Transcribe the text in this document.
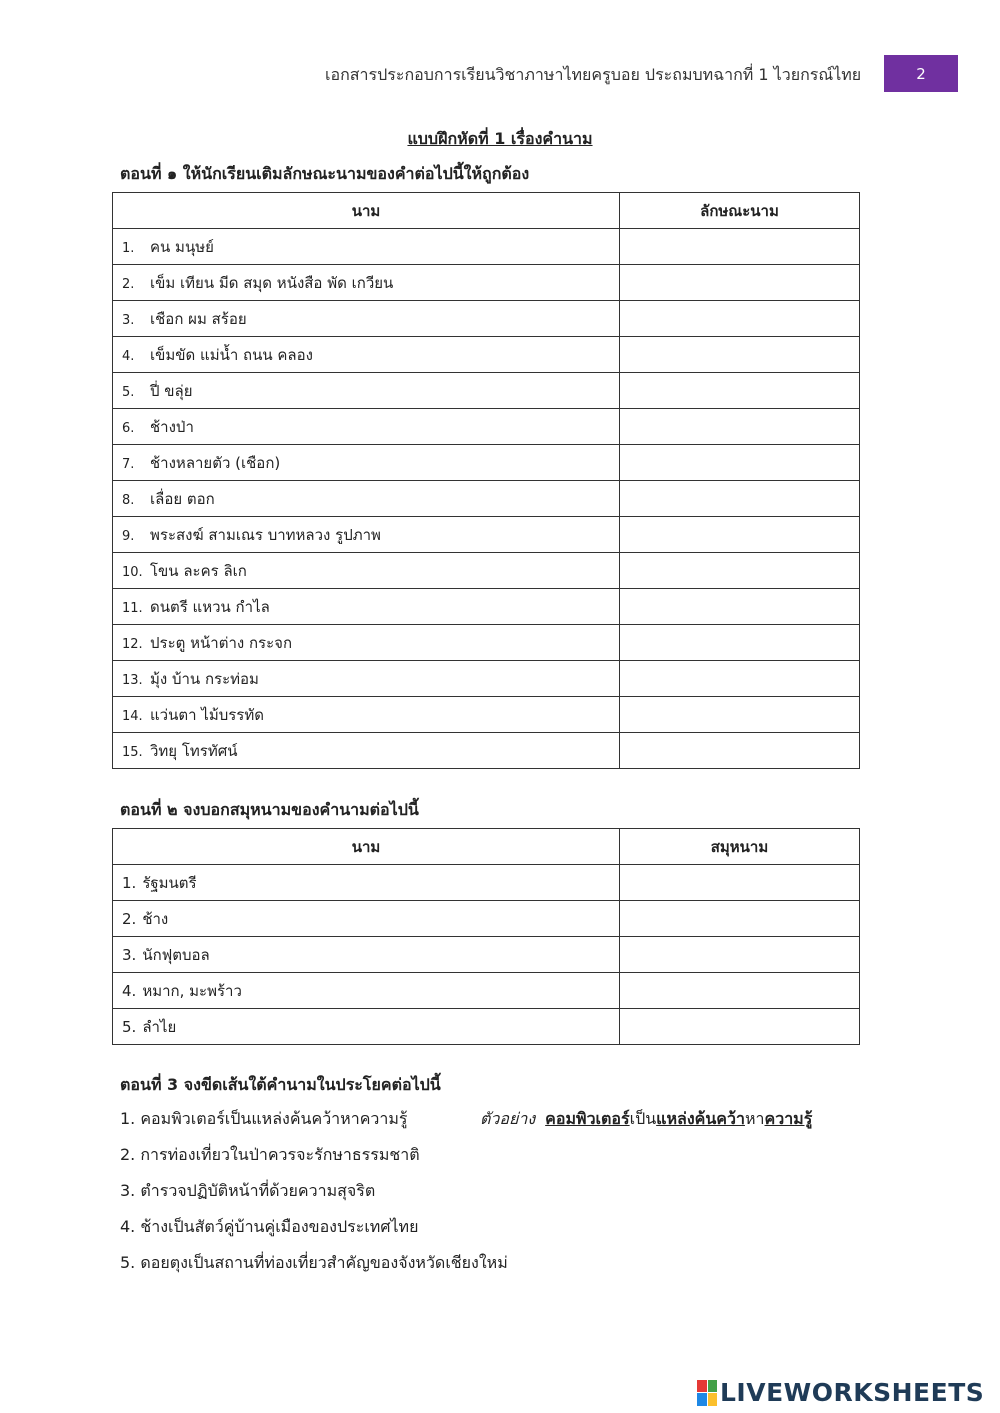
เอกสารประกอบการเรียนวิชาภาษาไทยครูบอย ประถมบทฉากที่ 1 ไวยกรณ์ไทย	2
แบบฝึกหัดที่ 1 เรื่องคำนาม
ตอนที่ ๑ ให้นักเรียนเติมลักษณะนามของคำต่อไปนี้ให้ถูกต้อง
นาม	ลักษณะนาม
1. คน มนุษย์	
2. เข็ม เทียน มีด สมุด หนังสือ พัด เกวียน	
3. เชือก ผม สร้อย	
4. เข็มขัด แม่น้ำ ถนน คลอง	
5. ปี่ ขลุ่ย	
6. ช้างป่า	
7. ช้างหลายตัว (เชือก)	
8. เลื่อย ตอก	
9. พระสงฆ์ สามเณร บาทหลวง รูปภาพ	
10. โขน ละคร ลิเก	
11. ดนตรี แหวน กำไล	
12. ประตู หน้าต่าง กระจก	
13. มุ้ง บ้าน กระท่อม	
14. แว่นตา ไม้บรรทัด	
15. วิทยุ โทรทัศน์	
ตอนที่ ๒ จงบอกสมุหนามของคำนามต่อไปนี้
นาม	สมุหนาม
1. รัฐมนตรี	
2. ช้าง	
3. นักฟุตบอล	
4. หมาก, มะพร้าว	
5. ลำไย	
ตอนที่ 3 จงขีดเส้นใต้คำนามในประโยคต่อไปนี้
1. คอมพิวเตอร์เป็นแหล่งค้นคว้าหาความรู้	ตัวอย่าง คอมพิวเตอร์เป็นแหล่งค้นคว้าหาความรู้
2. การท่องเที่ยวในป่าควรจะรักษาธรรมชาติ
3. ตำรวจปฏิบัติหน้าที่ด้วยความสุจริต
4. ช้างเป็นสัตว์คู่บ้านคู่เมืองของประเทศไทย
5. ดอยตุงเป็นสถานที่ท่องเที่ยวสำคัญของจังหวัดเชียงใหม่
LIVEWORKSHEETS
